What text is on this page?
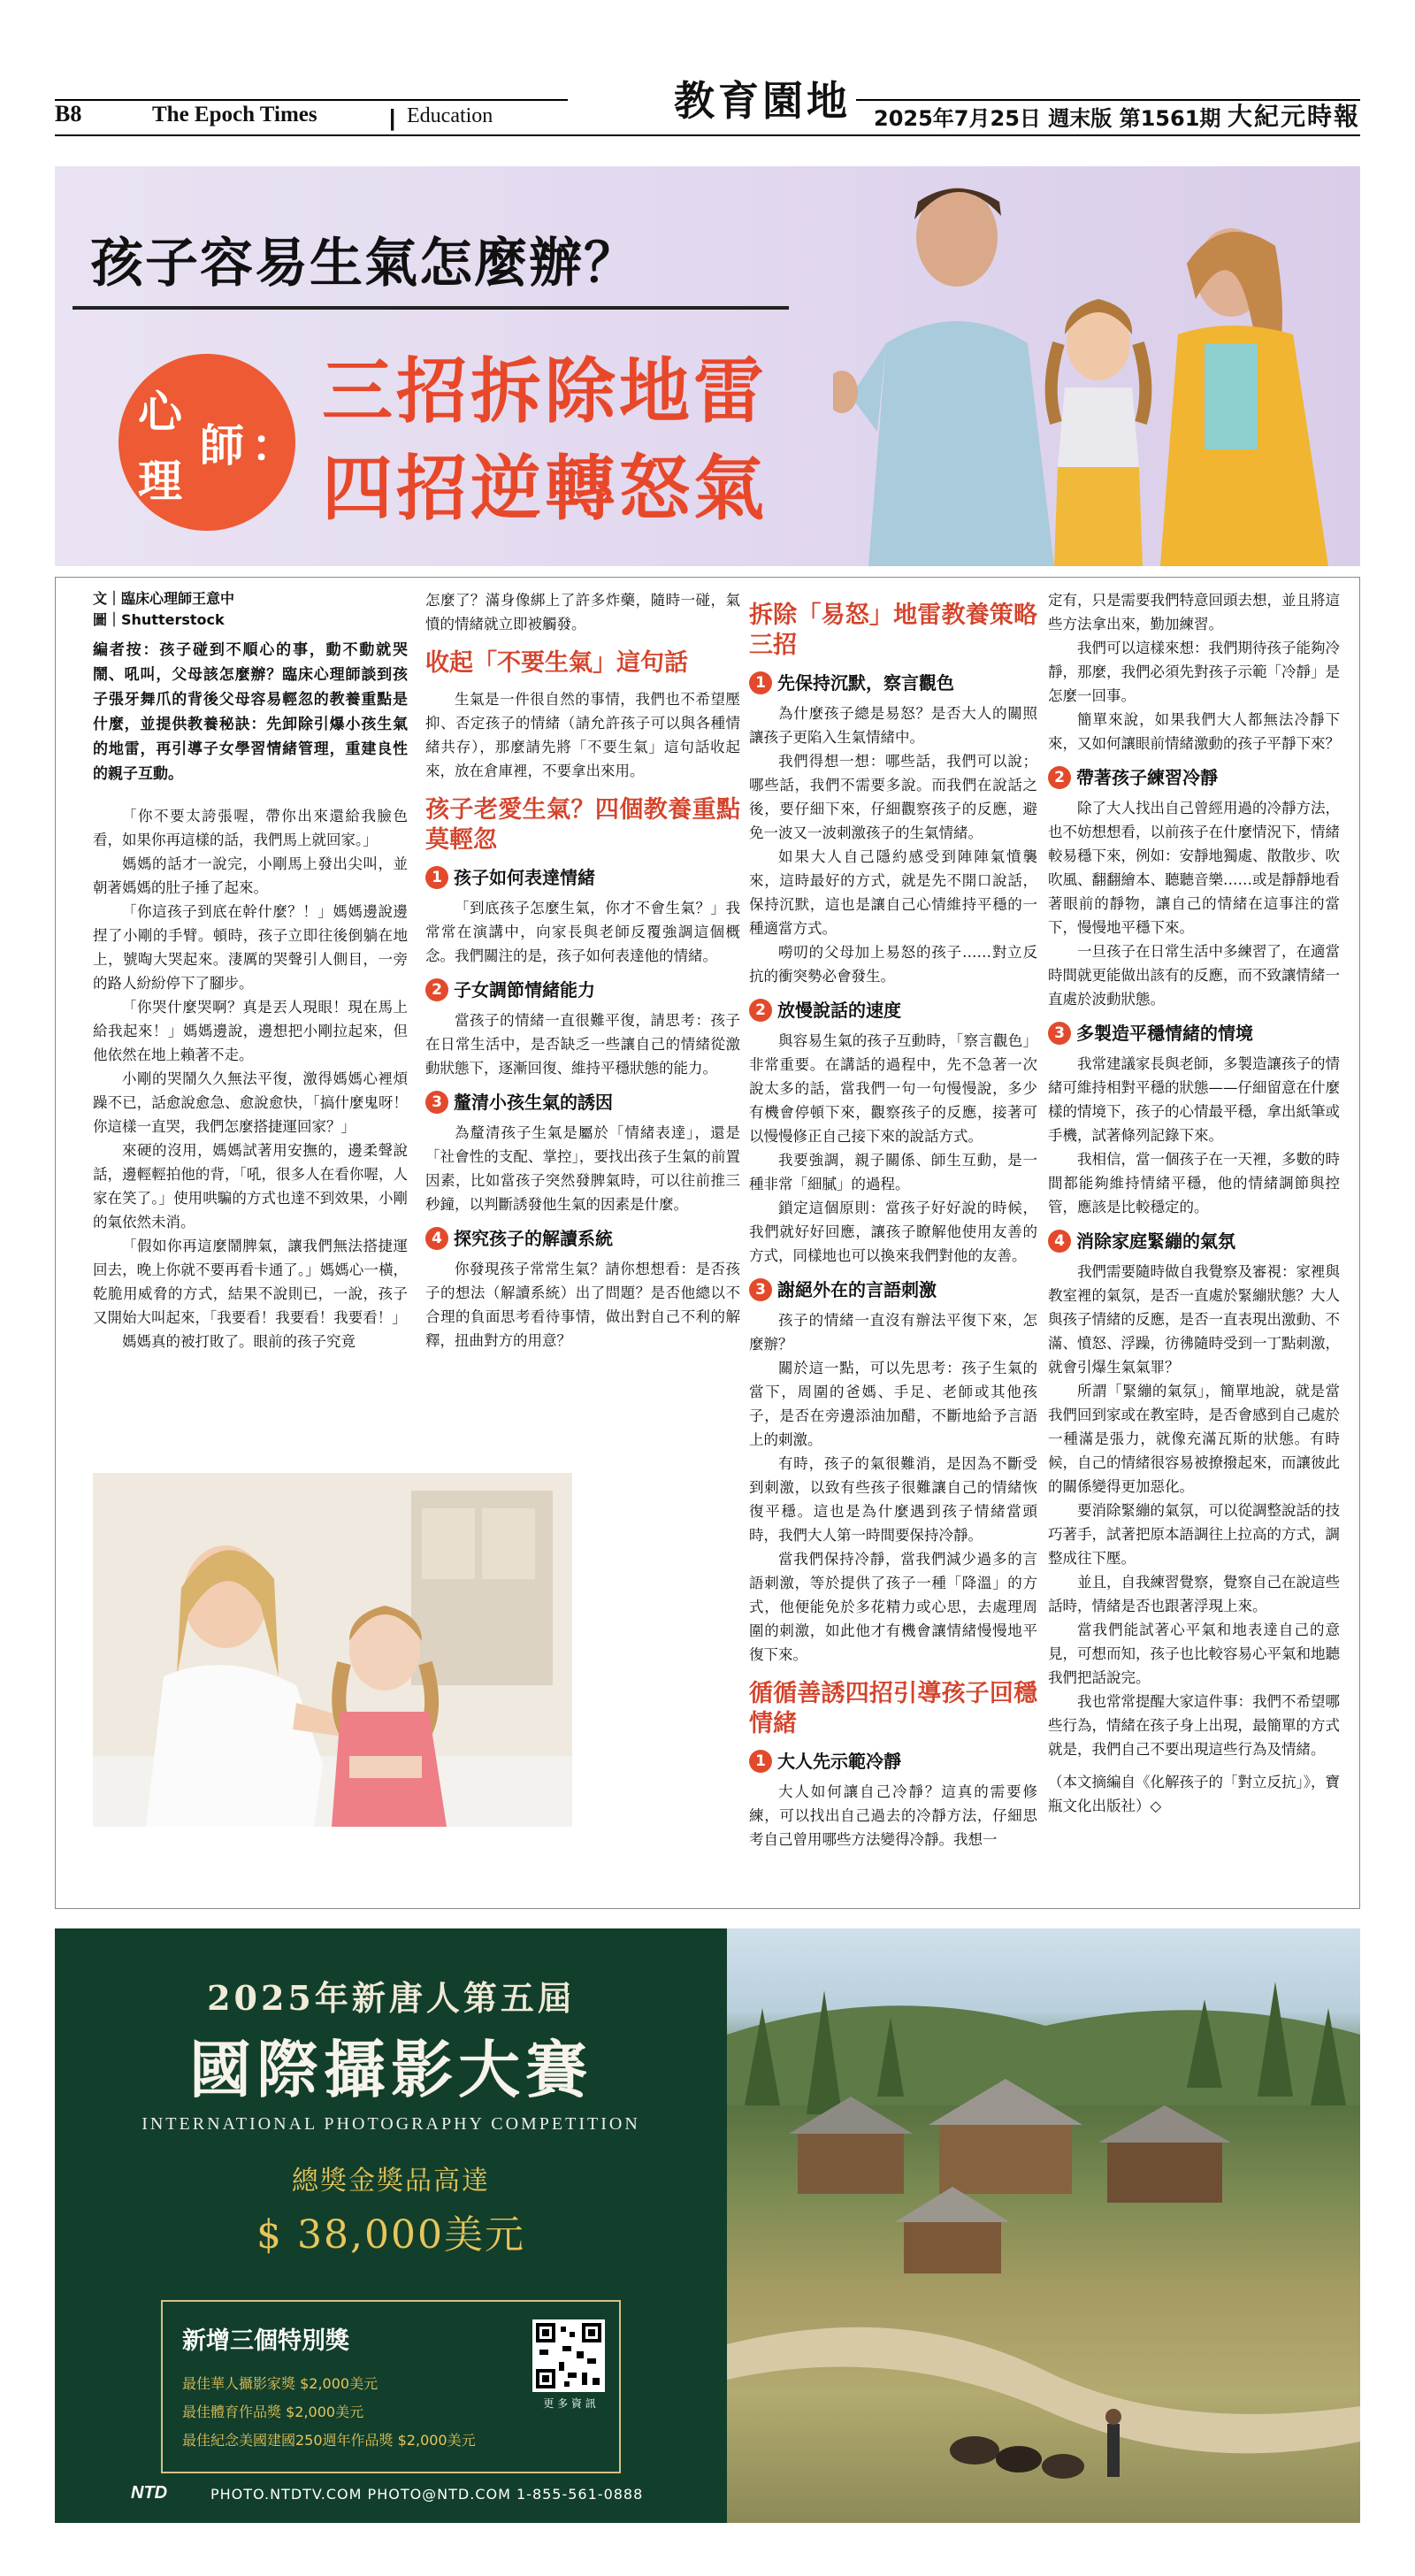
B8	The Epoch Times	| Education	教育園地	2025年7月25日 週末版 第1561期 大紀元時報
孩子容易生氣怎麼辦？
心
理
師 ：
三招拆除地雷
四招逆轉怒氣
文｜臨床心理師王意中
圖｜Shutterstock
編者按：孩子碰到不順心的事，動不動就哭鬧、吼叫，父母該怎麼辦？臨床心理師談到孩子張牙舞爪的背後父母容易輕忽的教養重點是什麼，並提供教養秘訣：先卸除引爆小孩生氣的地雷，再引導子女學習情緒管理，重建良性的親子互動。

「你不要太誇張喔，帶你出來還給我臉色看，如果你再這樣的話，我們馬上就回家。」

媽媽的話才一說完，小剛馬上發出尖叫，並朝著媽媽的肚子捶了起來。

「你這孩子到底在幹什麼？！」媽媽邊說邊捏了小剛的手臂。頓時，孩子立即往後倒躺在地上，號啕大哭起來。淒厲的哭聲引人側目，一旁的路人紛紛停下了腳步。

「你哭什麼哭啊？真是丟人現眼！現在馬上給我起來！」媽媽邊說，邊想把小剛拉起來，但他依然在地上賴著不走。

小剛的哭鬧久久無法平復，激得媽媽心裡煩躁不已，話愈說愈急、愈說愈快，「搞什麼鬼呀！你這樣一直哭，我們怎麼搭捷運回家？」

來硬的沒用，媽媽試著用安撫的，邊柔聲說話，邊輕輕拍他的背，「吼，很多人在看你喔，人家在笑了。」使用哄騙的方式也達不到效果，小剛的氣依然未消。

「假如你再這麼鬧脾氣，讓我們無法搭捷運回去，晚上你就不要再看卡通了。」媽媽心一橫，乾脆用威脅的方式，結果不說則已，一說，孩子又開始大叫起來，「我要看！我要看！我要看！」

媽媽真的被打敗了。眼前的孩子究竟

怎麼了？滿身像綁上了許多炸藥，隨時一碰，氣憤的情緒就立即被觸發。

收起「不要生氣」這句話

生氣是一件很自然的事情，我們也不希望壓抑、否定孩子的情緒（請允許孩子可以與各種情緒共存），那麼請先將「不要生氣」這句話收起來，放在倉庫裡，不要拿出來用。

孩子老愛生氣？四個教養重點莫輕忽
1 孩子如何表達情緒

「到底孩子怎麼生氣，你才不會生氣？」我常常在演講中，向家長與老師反覆強調這個概念。我們關注的是，孩子如何表達他的情緒。

2 子女調節情緒能力

當孩子的情緒一直很難平復，請思考：孩子在日常生活中，是否缺乏一些讓自己的情緒從激動狀態下，逐漸回復、維持平穩狀態的能力。

3 釐清小孩生氣的誘因

為釐清孩子生氣是屬於「情緒表達」，還是「社會性的支配、掌控」，要找出孩子生氣的前置因素，比如當孩子突然發脾氣時，可以往前推三秒鐘，以判斷誘發他生氣的因素是什麼。

4 探究孩子的解讀系統

你發現孩子常常生氣？請你想想看：是否孩子的想法（解讀系統）出了問題？是否他總以不合理的負面思考看待事情，做出對自己不利的解釋，扭曲對方的用意？

拆除「易怒」地雷教養策略三招
1 先保持沉默，察言觀色

為什麼孩子總是易怒？是否大人的關照讓孩子更陷入生氣情緒中。

我們得想一想：哪些話，我們可以說；哪些話，我們不需要多說。而我們在說話之後，要仔細下來，仔細觀察孩子的反應，避免一波又一波刺激孩子的生氣情緒。

如果大人自己隱約感受到陣陣氣憤襲來，這時最好的方式，就是先不開口說話，保持沉默，這也是讓自己心情維持平穩的一種適當方式。

嘮叨的父母加上易怒的孩子……對立反抗的衝突勢必會發生。

2 放慢說話的速度

與容易生氣的孩子互動時，「察言觀色」非常重要。在講話的過程中，先不急著一次說太多的話，當我們一句一句慢慢說，多少有機會停頓下來，觀察孩子的反應，接著可以慢慢修正自己接下來的說話方式。

我要強調，親子關係、師生互動，是一種非常「細膩」的過程。

鎖定這個原則：當孩子好好說的時候，我們就好好回應，讓孩子瞭解他使用友善的方式，同樣地也可以換來我們對他的友善。

3 謝絕外在的言語刺激

孩子的情緒一直沒有辦法平復下來，怎麼辦？

關於這一點，可以先思考：孩子生氣的當下，周圍的爸媽、手足、老師或其他孩子，是否在旁邊添油加醋，不斷地給予言語上的刺激。

有時，孩子的氣很難消，是因為不斷受到刺激，以致有些孩子很難讓自己的情緒恢復平穩。這也是為什麼遇到孩子情緒當頭時，我們大人第一時間要保持冷靜。

當我們保持冷靜，當我們減少過多的言語刺激，等於提供了孩子一種「降溫」的方式，他便能免於多花精力或心思，去處理周圍的刺激，如此他才有機會讓情緒慢慢地平復下來。

循循善誘四招引導孩子回穩情緒
1 大人先示範冷靜

大人如何讓自己冷靜？這真的需要修練，可以找出自己過去的冷靜方法，仔細思考自己曾用哪些方法變得冷靜。我想一

定有，只是需要我們特意回頭去想，並且將這些方法拿出來，勤加練習。

我們可以這樣來想：我們期待孩子能夠冷靜，那麼，我們必須先對孩子示範「冷靜」是怎麼一回事。

簡單來說，如果我們大人都無法冷靜下來，又如何讓眼前情緒激動的孩子平靜下來？

2 帶著孩子練習冷靜

除了大人找出自己曾經用過的冷靜方法，也不妨想想看，以前孩子在什麼情況下，情緒較易穩下來，例如：安靜地獨處、散散步、吹吹風、翻翻繪本、聽聽音樂……或是靜靜地看著眼前的靜物，讓自己的情緒在這事注的當下，慢慢地平穩下來。

一旦孩子在日常生活中多練習了，在適當時間就更能做出該有的反應，而不致讓情緒一直處於波動狀態。

3 多製造平穩情緒的情境

我常建議家長與老師，多製造讓孩子的情緒可維持相對平穩的狀態——仔細留意在什麼樣的情境下，孩子的心情最平穩，拿出紙筆或手機，試著條列記錄下來。

我相信，當一個孩子在一天裡，多數的時間都能夠維持情緒平穩，他的情緒調節與控管，應該是比較穩定的。

4 消除家庭緊繃的氣氛

我們需要隨時做自我覺察及審視：家裡與教室裡的氣氛，是否一直處於緊繃狀態？大人與孩子情緒的反應，是否一直表現出激動、不滿、憤怒、浮躁，彷彿隨時受到一丁點刺激，就會引爆生氣氣罪？

所謂「緊繃的氣氛」，簡單地說，就是當我們回到家或在教室時，是否會感到自己處於一種滿是張力，就像充滿瓦斯的狀態。有時候，自己的情緒很容易被撩撥起來，而讓彼此的關係變得更加惡化。

要消除緊繃的氣氛，可以從調整說話的技巧著手，試著把原本語調往上拉高的方式，調整成往下壓。

並且，自我練習覺察，覺察自己在說這些話時，情緒是否也跟著浮現上來。

當我們能試著心平氣和地表達自己的意見，可想而知，孩子也比較容易心平氣和地聽我們把話說完。

我也常常提醒大家這件事：我們不希望哪些行為，情緒在孩子身上出現，最簡單的方式就是，我們自己不要出現這些行為及情緒。

（本文摘編自《化解孩子的「對立反抗」》，寶瓶文化出版社）◇

2025年新唐人第五屆
國際攝影大賽
INTERNATIONAL PHOTOGRAPHY COMPETITION
總獎金獎品高達
$ 38,000美元
新增三個特別獎
最佳華人攝影家獎 $2,000美元
最佳體育作品獎 $2,000美元
最佳紀念美國建國250週年作品獎 $2,000美元
更 多 資 訊
NTD	PHOTO.NTDTV.COM PHOTO@NTD.COM 1-855-561-0888
